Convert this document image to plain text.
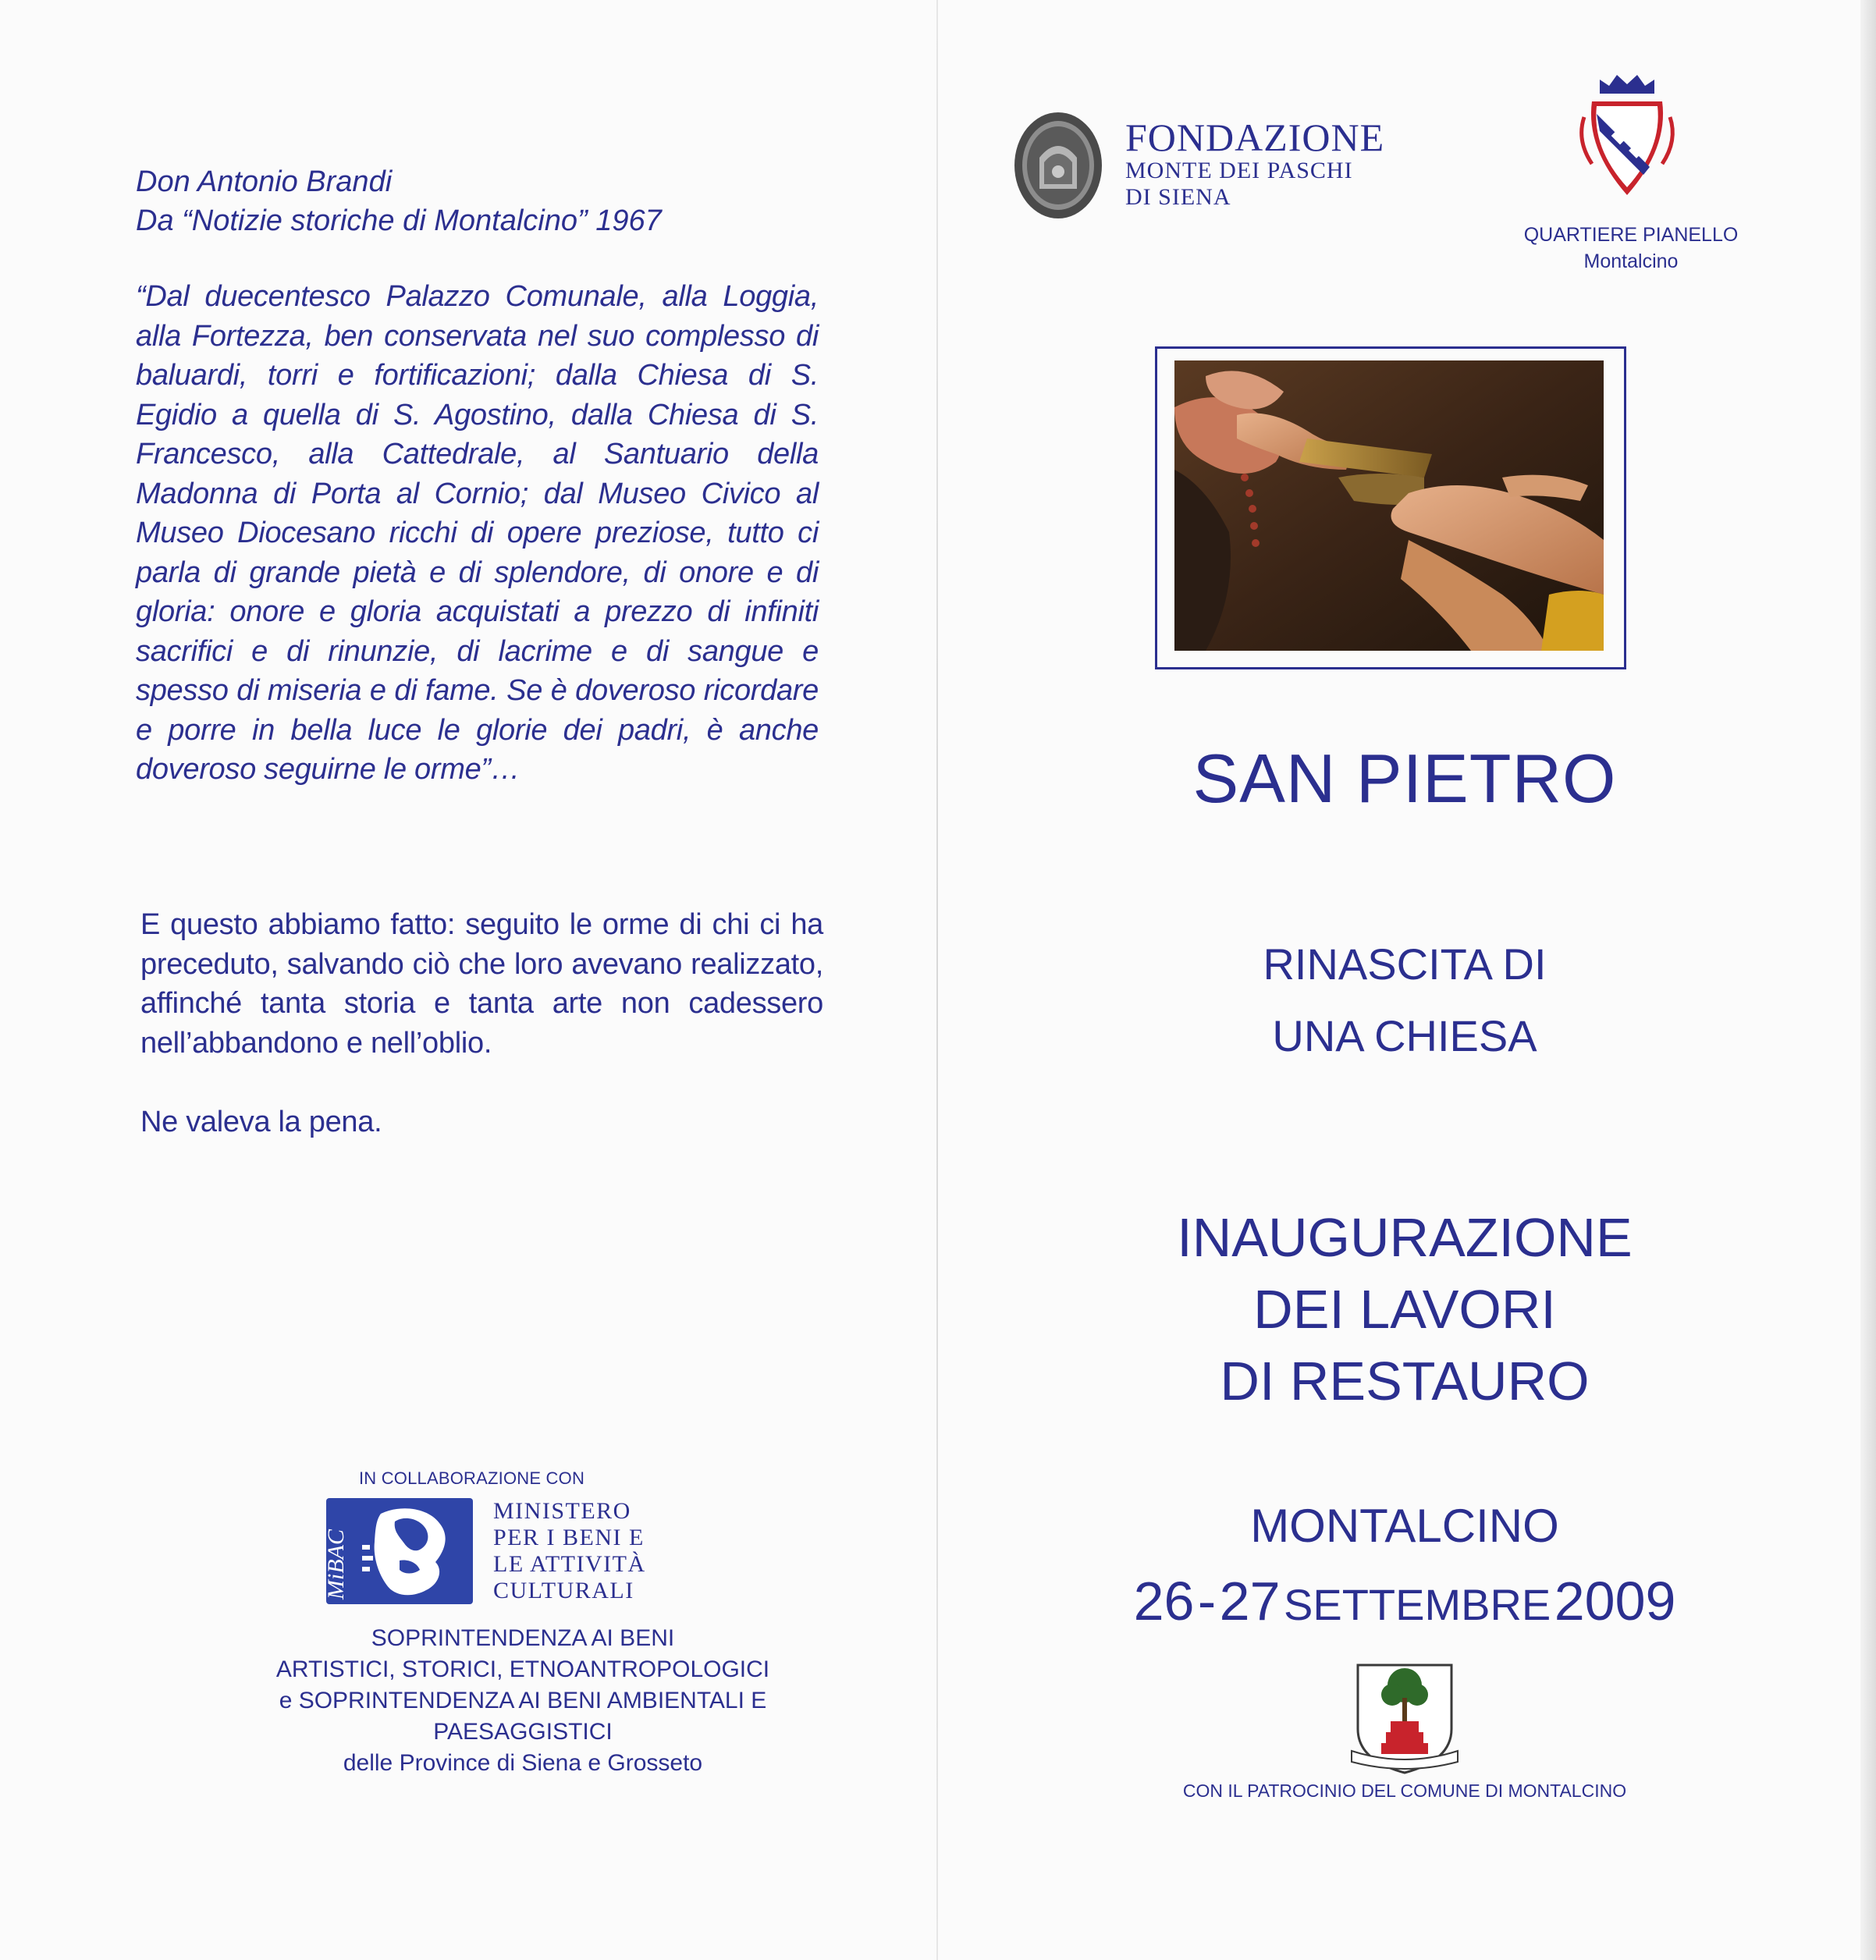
Don Antonio Brandi
Da “Notizie storiche di Montalcino” 1967
“Dal duecentesco Palazzo Comunale, alla Loggia, alla Fortezza, ben conservata nel suo complesso di baluardi, torri e fortificazioni; dalla Chiesa di S. Egidio a quella di S. Agostino, dalla Chiesa di S. Francesco, alla Cattedrale, al Santuario della Madonna di Porta al Cornio; dal Museo Civico al Museo Diocesano ricchi di opere preziose, tutto ci parla di grande pietà e di splendore, di onore e di gloria: onore e gloria acquistati a prezzo di infiniti sacrifici e di rinunzie, di lacrime e di sangue e spesso di miseria e di fame. Se è doveroso ricordare e porre in bella luce le glorie dei padri, è anche doveroso seguirne le orme”…
E questo abbiamo fatto: seguito le orme di chi ci ha preceduto, salvando ciò che loro avevano realizzato, affinché tanta storia e tanta arte non cadessero nell’abbandono e nell’oblio.
Ne valeva la pena.
IN COLLABORAZIONE CON
MiBAC
MINISTERO
PER I BENI E
LE ATTIVITÀ
CULTURALI
SOPRINTENDENZA AI BENI
ARTISTICI, STORICI, ETNOANTROPOLOGICI
e SOPRINTENDENZA AI BENI AMBIENTALI E
PAESAGGISTICI
delle Province di Siena e Grosseto
FONDAZIONE
MONTE DEI PASCHI
DI SIENA
QUARTIERE PIANELLO
Montalcino
SAN PIETRO
RINASCITA DI
UNA CHIESA
INAUGURAZIONE
DEI LAVORI
DI RESTAURO
MONTALCINO
26 - 27 SETTEMBRE 2009
CON IL PATROCINIO DEL COMUNE DI MONTALCINO
